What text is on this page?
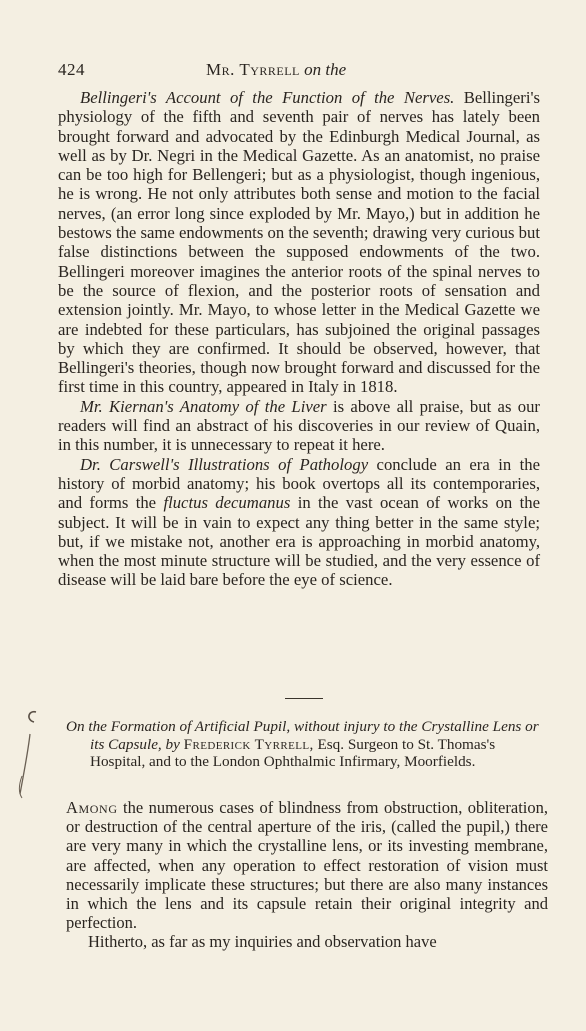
424	Mr. Tyrrell on the

Bellingeri's Account of the Function of the Nerves. Bellingeri's physiology of the fifth and seventh pair of nerves has lately been brought forward and advocated by the Edinburgh Medical Journal, as well as by Dr. Negri in the Medical Gazette. As an anatomist, no praise can be too high for Bellengeri; but as a physiologist, though ingenious, he is wrong. He not only attributes both sense and motion to the facial nerves, (an error long since exploded by Mr. Mayo,) but in addition he bestows the same endowments on the seventh; drawing very curious but false distinctions between the supposed endowments of the two. Bellingeri moreover imagines the anterior roots of the spinal nerves to be the source of flexion, and the posterior roots of sensation and extension jointly. Mr. Mayo, to whose letter in the Medical Gazette we are indebted for these particulars, has subjoined the original passages by which they are confirmed. It should be observed, however, that Bellingeri's theories, though now brought forward and discussed for the first time in this country, appeared in Italy in 1818.

Mr. Kiernan's Anatomy of the Liver is above all praise, but as our readers will find an abstract of his discoveries in our review of Quain, in this number, it is unnecessary to repeat it here.

Dr. Carswell's Illustrations of Pathology conclude an era in the history of morbid anatomy; his book overtops all its contemporaries, and forms the fluctus decumanus in the vast ocean of works on the subject. It will be in vain to expect any thing better in the same style; but, if we mistake not, another era is approaching in morbid anatomy, when the most minute structure will be studied, and the very essence of disease will be laid bare before the eye of science.

On the Formation of Artificial Pupil, without injury to the Crystalline Lens or its Capsule, by Frederick Tyrrell, Esq. Surgeon to St. Thomas's Hospital, and to the London Ophthalmic Infirmary, Moorfields.

Among the numerous cases of blindness from obstruction, obliteration, or destruction of the central aperture of the iris, (called the pupil,) there are very many in which the crystalline lens, or its investing membrane, are affected, when any operation to effect restoration of vision must necessarily implicate these structures; but there are also many instances in which the lens and its capsule retain their original integrity and perfection.

Hitherto, as far as my inquiries and observation have
